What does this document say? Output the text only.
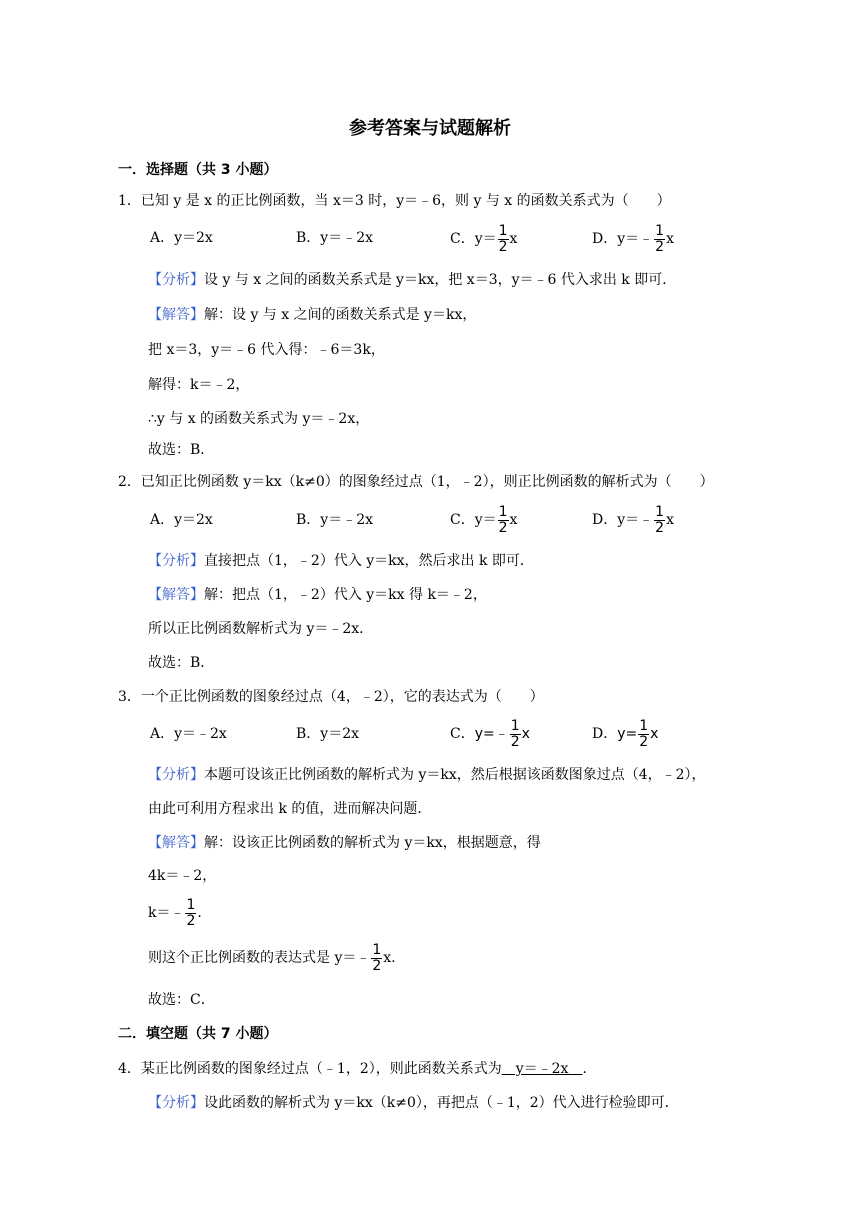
参考答案与试题解析
一．选择题（共 3 小题）
1．已知 y 是 x 的正比例函数，当 x＝3 时，y＝﹣6，则 y 与 x 的函数关系式为（　　）
A．y＝2x	B．y＝﹣2x	C．$y= \frac{1}{2}$ x	D．y＝﹣ $\frac{1}{2}$ x
【分析】设 y 与 x 之间的函数关系式是 y＝kx，把 x＝3，y＝﹣6 代入求出 k 即可．
【解答】解：设 y 与 x 之间的函数关系式是 y＝kx，
把 x＝3，y＝﹣6 代入得：﹣6＝3k，
解得：k＝﹣2，
∴y 与 x 的函数关系式为 y＝﹣2x，
故选：B．
2．已知正比例函数 y＝kx（k≠0）的图象经过点（1，﹣2），则正比例函数的解析式为（　　）
A．y＝2x	B．y＝﹣2x	C．$y= \frac{1}{2}$ x	D．y＝﹣ $\frac{1}{2}$ x
【分析】直接把点（1，﹣2）代入 y＝kx，然后求出 k 即可．
【解答】解：把点（1，﹣2）代入 y＝kx 得 k＝﹣2，
所以正比例函数解析式为 y＝﹣2x．
故选：B．
3．一个正比例函数的图象经过点（4，﹣2），它的表达式为（　　）
A．y＝﹣2x	B．y＝2x	C．y=﹣ $\frac{1}{2}$ x	D．$y= \frac{1}{2}$ x
【分析】本题可设该正比例函数的解析式为 y＝kx，然后根据该函数图象过点（4，﹣2），
由此可利用方程求出 k 的值，进而解决问题．
【解答】解：设该正比例函数的解析式为 y＝kx，根据题意，得
4k＝﹣2，
k＝﹣ $\frac{1}{2}$ .
则这个正比例函数的表达式是 y＝﹣ $\frac{1}{2} x$.
故选：C．
二．填空题（共 7 小题）
4．某正比例函数的图象经过点（﹣1，2），则此函数关系式为　y＝﹣2x　．
【分析】设此函数的解析式为 y＝kx（k≠0），再把点（﹣1，2）代入进行检验即可．
